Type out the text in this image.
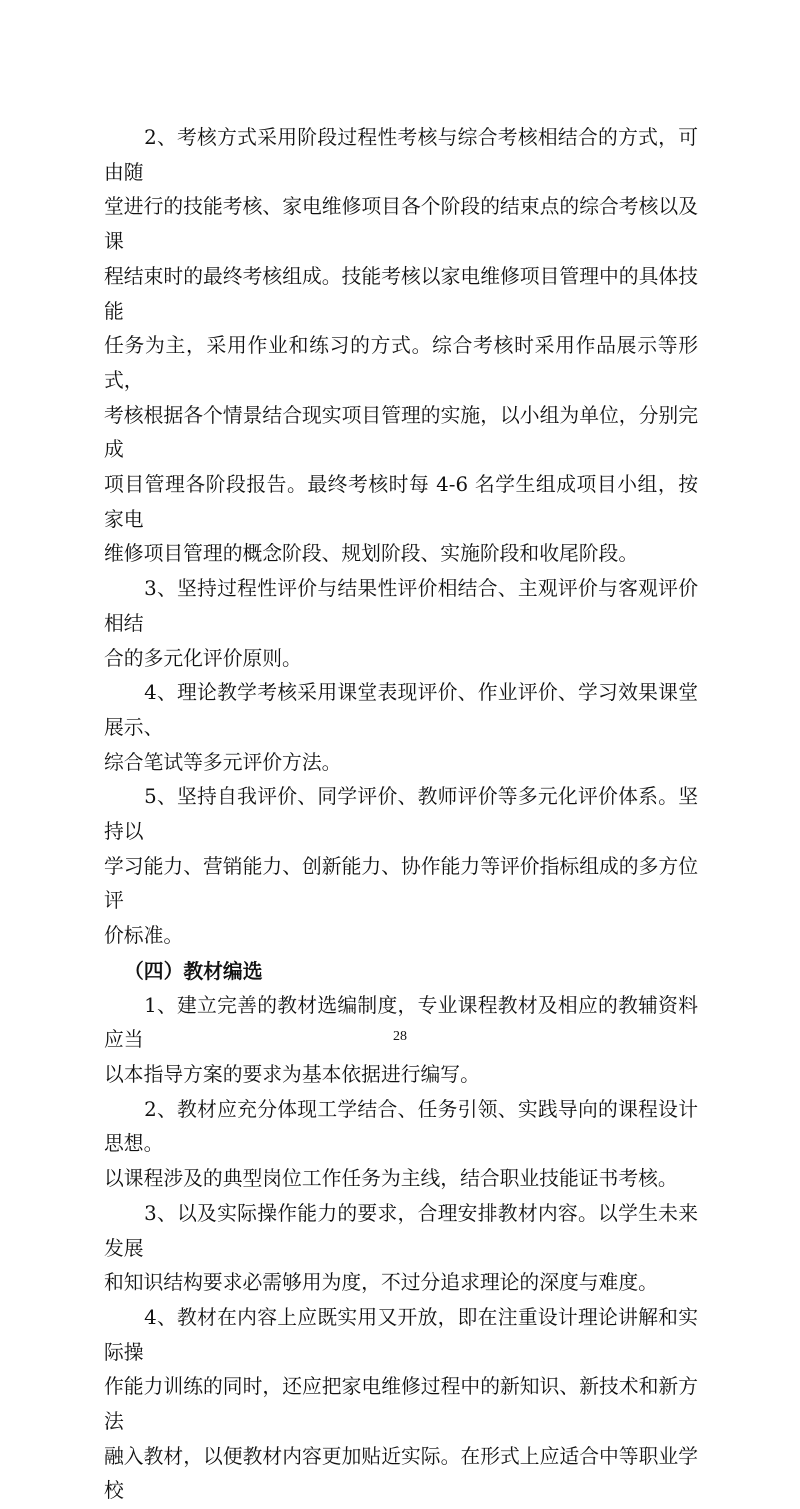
　　2、考核方式采用阶段过程性考核与综合考核相结合的方式，可由随
堂进行的技能考核、家电维修项目各个阶段的结束点的综合考核以及课
程结束时的最终考核组成。技能考核以家电维修项目管理中的具体技能
任务为主，采用作业和练习的方式。综合考核时采用作品展示等形式，
考核根据各个情景结合现实项目管理的实施，以小组为单位，分别完成
项目管理各阶段报告。最终考核时每 4-6 名学生组成项目小组，按家电
维修项目管理的概念阶段、规划阶段、实施阶段和收尾阶段。
　　3、坚持过程性评价与结果性评价相结合、主观评价与客观评价相结
合的多元化评价原则。
　　4、理论教学考核采用课堂表现评价、作业评价、学习效果课堂展示、
综合笔试等多元评价方法。
　　5、坚持自我评价、同学评价、教师评价等多元化评价体系。坚持以
学习能力、营销能力、创新能力、协作能力等评价指标组成的多方位评
价标准。

（四）教材编选

　　1、建立完善的教材选编制度，专业课程教材及相应的教辅资料应当
以本指导方案的要求为基本依据进行编写。
　　2、教材应充分体现工学结合、任务引领、实践导向的课程设计思想。
以课程涉及的典型岗位工作任务为主线，结合职业技能证书考核。
　　3、以及实际操作能力的要求，合理安排教材内容。以学生未来发展
和知识结构要求必需够用为度，不过分追求理论的深度与难度。
　　4、教材在内容上应既实用又开放，即在注重设计理论讲解和实际操
作能力训练的同时，还应把家电维修过程中的新知识、新技术和新方法
融入教材，以便教材内容更加贴近实际。在形式上应适合中等职业学校
28
